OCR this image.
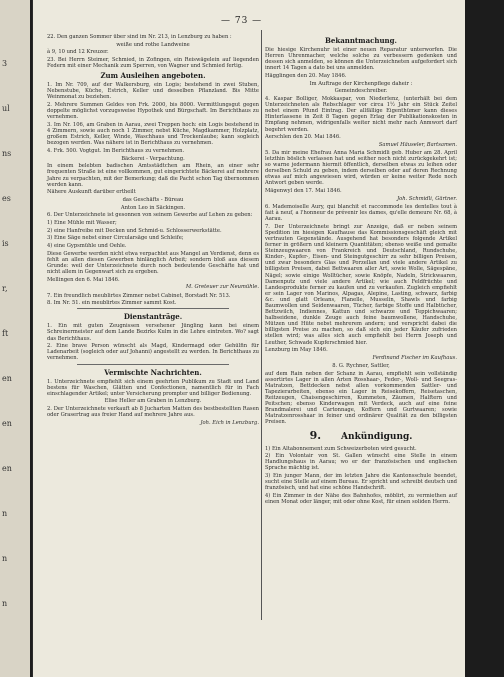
3
ul
ns
es
is
r,
ft
en
en
en
n
n
n
— 73 —
22. Den ganzen Sommer über sind im Nr. 213, in Lenzburg zu haben :
weiße und rothe Landweine
à 9, 10 und 12 Kreuzer.
23. Bei Herrn Steimer, Schmied, in Zofingen, ein Reiswägelein auf liegenden Federn mit einer Mechanik zum Sperren, von Wagner und Schmied fertig.
Zum Ausleihen angeboten.
1. Im Nr. 709, auf der Walkersburg, ein Logis; bestehend in zwei Stuben, Nebenstube, Küche, Estrich, Keller und desselben Pflanzland. Bis Mitte Weinmonat zu beziehen.
2. Mehrere Summen Geldes von Frk. 2000, bis 8000. Vermittlungsgut gegen doppelte möglichst vorzugsweise Hypothek und Bürgschaft. Im Berichthaus zu vernehmen.
3. Im Nr. 106, am Graben in Aarau, zwei Treppen hoch: ein Logis bestehend in 4 Zimmern, sowie auch noch 1 Zimmer, nebst Küche, Magdkammer, Holzplatz, großem Estrich, Keller, Winde, Waschhaus und Trockenlaube; kann sogleich bezogen werden. Was nähere ist in Berichthaus zu vernehmen.
4. Frk. 500. Vogtgut. Im Berichthaus zu vernehmen.
Bäckerei - Verpachtung.
In einem belebten badischen Amtsstädtchen am Rhein, an einer sehr frequenten Straße ist eine vollkommen, gut eingerichtete Bäckerei auf mehrere Jahre zu verpachten, mit der Bemerkung; daß die Pacht schon Tag übernommen werden kann.
Nähere Auskunft darüber ertheilt
das Geschäfts - Büreau
Anton Leo in Säckingen.
6. Der Unterzeichnete ist gesonnen von seinem Gewerbe auf Lehen zu geben:
1) Eine Mühle mit Wasser;
2) eine Hanfreibe mit Decken und Schmid-u. Schlosserwerkstätte.
3) Eine Säge nebst einer Circularsäge und Schleife;
4) eine Gypsmühle und Oehle.
Diese Gewerbe werden nicht etwa verpachtet aus Mangel an Verdienst, denn es fehlt an allen diesen Gewerben hinlänglich Arbeit; sondern bloß aus diesem Grunde: weil der Unterzeichnete durch noch bedeutende Geschäfte hat und nicht allem in Gegenwart sich zu ergeben.
Mellingen den 6. Mai 1846.
M. Greteuer zur Neumühle.
7. Ein freundlich meublirtes Zimmer nebst Cabinet, Borstadt Nr. 513.
8. Im Nr. 51. ein meublirtes Zimmer sammt Kost.
Dienstanträge.
1. Ein mit guten Zeugnissen versehener Jüngling kann bei einem Schreinermeister auf dem Lande Bezirks Kulm in die Lehre eintreten. Wo? sagt das Berichthaus.
2. Eine brave Person wünscht als Magd, Kindermagd oder Gehülfin für Ladenarbeit (sogleich oder auf Johanni) angestellt zu werden. In Berichthaus zu vernehmen.
Vermischte Nachrichten.
1. Unterzeichnete empfiehlt sich einem geehrten Publikum zu Stadt und Land bestens für Waschen, Glätten und Confectionen, namentlich für in Fach einschlagender Artikel; unter Versicherung prompter und billiger Bedienung.
Elise Heller am Graben in Lenzburg.
2. Der Unterzeichnete verkauft ab 8 Jucharten Matten des bestbestellten Rasen oder Grasertrag aus freier Hand auf mehrere Jahre aus.
Joh. Eich in Lenzburg.
Bekanntmachung.
Die hiesige Kirchenuhr ist einer neuen Reparatur unterworfen. Die Herren Uhrenmacher, welche solche zu verbessern gedenken und dessen sich anmelden, so können die Unterzeichneten aufgefordert sich innert 14 Tagen a dato bei uns anmelden.
Hägglingen den 20. May 1846.
Im Auftrage der Kirchenpflege daheir :
Gemeindeschreiber.
4. Kaspar Bolliger, Mokkaspar, von Niederlenz, (unterhält bei dem Unterzeichneten als Rebschlager vor circa 1½ Jahr ein Stück Zeitel nebst einem Pfund Eintrag. Der allfällige Eigenthümer kann dieses Hinterlassene in Zeit 8 Tagen gegen Erlag der Publikationskosten in Empfang nehmen, widrigenfalls weiter nicht mehr nach Anmwort darf begehrt werden.
Aerschlen den 20. Mai 1846.
Samuel Häuseler, Bartsamen.
5. Da mir meine Ehefrau Anna Maria Schmidli geb. Huber am 28. April letzthin böslich verlassen hat und seither noch nicht zurückgekehrt ist; so warne jedermann hiermit öffentlich, derselben etwas zu leihen oder derselben Schuld zu geben, indem derselben oder auf deren Rechnung etwas auf mich angewiesen wird, würden er keine weiter Rede noch Antwort geben werde.
Mägenwyl den 17. Mai 1846.
Joh. Schmidli, Gärtner.
6. Mademoiselle Aury, qui blanchit et raccommode les dentelles tout à fait à neuf, a l'honneur de prévenir les dames, qu'elle demeure Nr. 68, à Aarau.
7. Der Unterzeichnete bringt zur Anzeige, daß er neben seinem Spedition im hiesigen Kaufhause das Kommissionsgeschäft gleich mit vertrauten Gegenstände. Ausgehend hat besonders folgende Artikel ferner in größern und kleinern Quantitäten; ebenso weiße und gemalte Steinzeugwaaren von Frankreich und Deutschland, Rundschuhe, Kinder-, Kupfer-, Eisen- und Steingutgeschirr zu sehr billigen Preisen, und zwar besonders Glas und Porzellan und viele andere Artikel zu billigsten Preisen, dabei Bettwaaren aller Art, sowie Wolle, Sägespäne, Nägel; sowie einige Wolltücher, sowie Knöpfe, Nadeln, Strickwaaren, Damenputz und viele andere Artikel; wie auch Feldfrüchte und Landesprodukte ferner zu kaufen und zu verkaufen. Zugleich empfiehlt er sein Lager von Marinos, Alpagas, Alepine, Lasting, schwarz, farbig &c. und glatt Orleans, Flanelle, Musselin, Shawls und farbig Baumwollen und Seidenwaaren, Tücher, farbige Stoffe und Halbtücher, Bettzwilch, Indiennes, Kattun und schwarze und Teppichwaaren; halbseidene, dunkle Zeuge auch feine baumwollene, Handschuhe, Mützen und Hüte nebst mehrerem andern; und verspricht dabei die billigsten Preise zu machen, so daß sich ein jeder Käufer zufrieden stellen wird; was alles sich auch empfiehlt bei Herrn Joseph und Leuther, Schwade Kupferschmied hier.
Lenzburg im May 1846.
Ferdinand Fischer im Kaufhaus.
8. G. Rychner, Sattler,
auf dem Rain neben der Schanz in Aarau, empfiehlt sein vollständig assortirtes Lager in allen Arten Rosshaar-, Feder-, Woll- und Seegras-Matratzen, Bettdecken nebst allen vorkommenden Sattler- und Tapezierarbeiten, ebenso ein Lager in Reisekoffern, Reisetaschen, Reitzeugen, Chaisengeschirren, Kummeten, Zäumen, Halftern und Peitschen; ebenso Kinderwagen mit Verdeck, auch auf eine feine Brandmalerei und Cartonnage, Koffern und Gurtwaaren; sowie Matratzenrosshaar in feiner und ordinärer Qualität zu den billigsten Preisen.
9. Ankündigung.
1) Ein Altabonnement zum Schweizerboten wird gesucht.
2) Ein Volontair von St. Gallen wünscht eine Stelle in einem Handlungshaus in Aarau; wo er der französischen und englischen Sprache mächtig ist.
3) Ein junger Mann, der im letzten Jahre die Kantonsschule beendet, sucht eine Stelle auf einem Bureau. Er spricht und schreibt deutsch und französisch, und hat eine schöne Handschrift.
4) Ein Zimmer in der Nähe des Bahnhofes, möblirt, zu vermiethen auf einen Monat oder länger, mit oder ohne Kost, für einen soliden Herrn.
